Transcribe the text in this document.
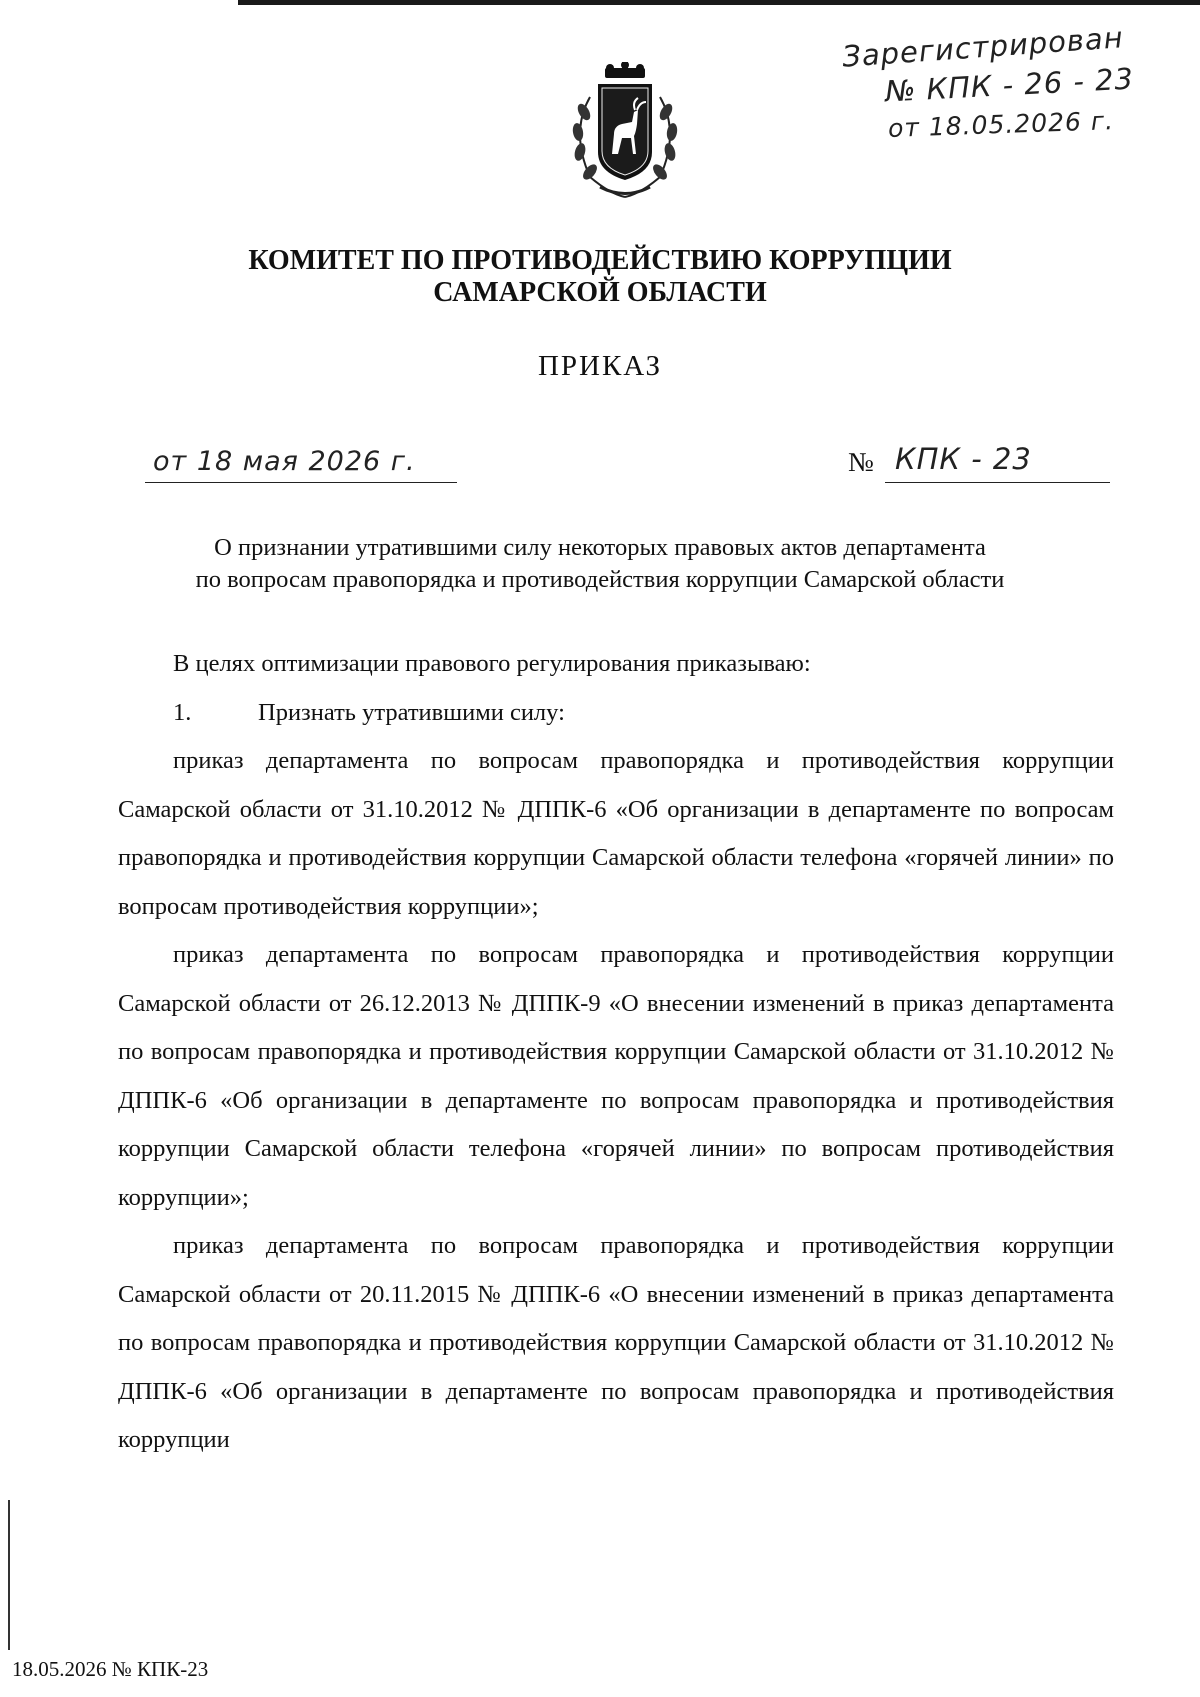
Зарегистрирован
№ КПК - 26 - 23
от 18.05.2026 г.
КОМИТЕТ ПО ПРОТИВОДЕЙСТВИЮ КОРРУПЦИИ
САМАРСКОЙ ОБЛАСТИ
ПРИКАЗ
от 18 мая 2026 г.	№ КПК - 23
О признании утратившими силу некоторых правовых актов департамента
по вопросам правопорядка и противодействия коррупции Самарской области

В целях оптимизации правового регулирования приказываю:

1.	Признать утратившими силу:

приказ департамента по вопросам правопорядка и противодействия коррупции Самарской области от 31.10.2012 № ДППК-6 «Об организации в департаменте по вопросам правопорядка и противодействия коррупции Самарской области телефона «горячей линии» по вопросам противодействия коррупции»;

приказ департамента по вопросам правопорядка и противодействия коррупции Самарской области от 26.12.2013 № ДППК-9 «О внесении изменений в приказ департамента по вопросам правопорядка и противодействия коррупции Самарской области от 31.10.2012 № ДППК-6 «Об организации в департаменте по вопросам правопорядка и противодействия коррупции Самарской области телефона «горячей линии» по вопросам противодействия коррупции»;

приказ департамента по вопросам правопорядка и противодействия коррупции Самарской области от 20.11.2015 № ДППК-6 «О внесении изменений в приказ департамента по вопросам правопорядка и противодействия коррупции Самарской области от 31.10.2012 № ДППК-6 «Об организации в департаменте по вопросам правопорядка и противодействия коррупции

18.05.2026 № КПК-23
